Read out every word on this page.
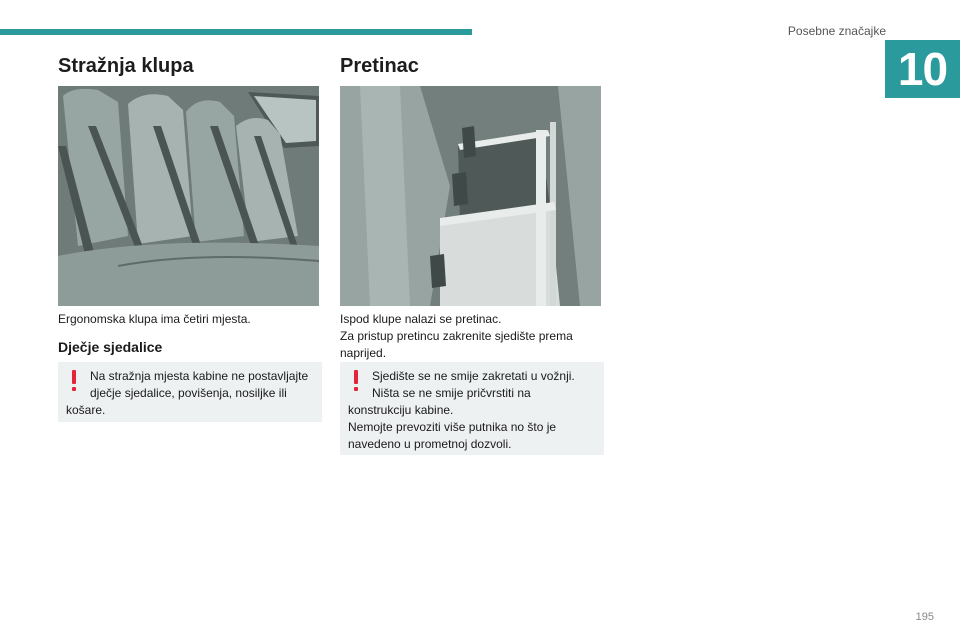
Posebne značajke
10
Stražnja klupa

Ergonomska klupa ima četiri mjesta.

Dječje sjedalice

Na stražnja mjesta kabine ne postavljajte

dječje sjedalice, povišenja, nosiljke ili

košare.

Pretinac

Ispod klupe nalazi se pretinac.

Za pristup pretincu zakrenite sjedište prema

naprijed.

Sjedište se ne smije zakretati u vožnji.

Ništa se ne smije pričvrstiti na

konstrukciju kabine.

Nemojte prevoziti više putnika no što je

navedeno u prometnoj dozvoli.

195
